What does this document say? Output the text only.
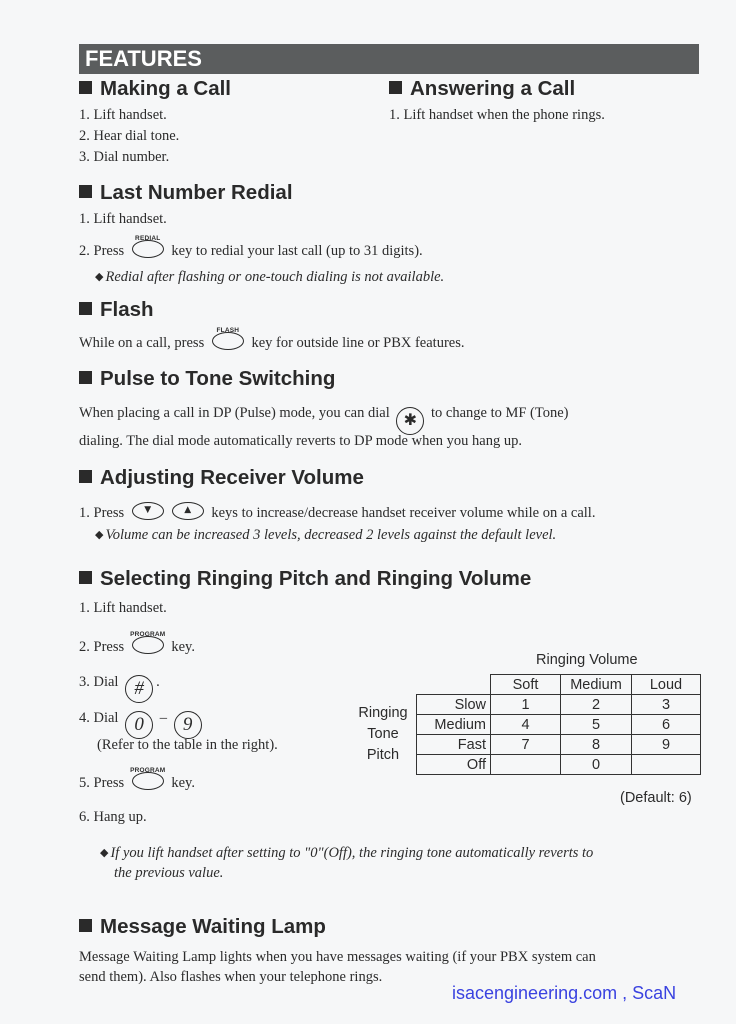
FEATURES
Making a Call
1. Lift handset.
2. Hear dial tone.
3. Dial number.
Answering a Call
1. Lift handset when the phone rings.
Last Number Redial
1. Lift handset.
2. Press
REDIAL
key to redial your last call (up to 31 digits).
◆ Redial after flashing or one-touch dialing is not available.
Flash
While on a call, press
FLASH
key for outside line or PBX features.
Pulse to Tone Switching
When placing a call in DP (Pulse) mode, you can dial ✱ to change to MF (Tone)
dialing. The dial mode automatically reverts to DP mode when you hang up.
Adjusting Receiver Volume
1. Press	▼	▲	keys to increase/decrease handset receiver volume while on a call.
◆ Volume can be increased 3 levels, decreased 2 levels against the default level.
Selecting Ringing Pitch and Ringing Volume
1. Lift handset.
2. Press
PROGRAM
key.
3. Dial # .
4. Dial 0 – 9
(Refer to the table in the right).
5. Press
PROGRAM
key.
6. Hang up.
Ringing Volume
Ringing
Tone
Pitch
	Soft	Medium	Loud
Slow	1	2	3
Medium	4	5	6
Fast	7	8	9
Off		0	
(Default: 6)
◆ If you lift handset after setting to "0"(Off), the ringing tone automatically reverts to
the previous value.
Message Waiting Lamp
Message Waiting Lamp lights when you have messages waiting (if your PBX system can
send them). Also flashes when your telephone rings.
isacengineering.com , ScaN
